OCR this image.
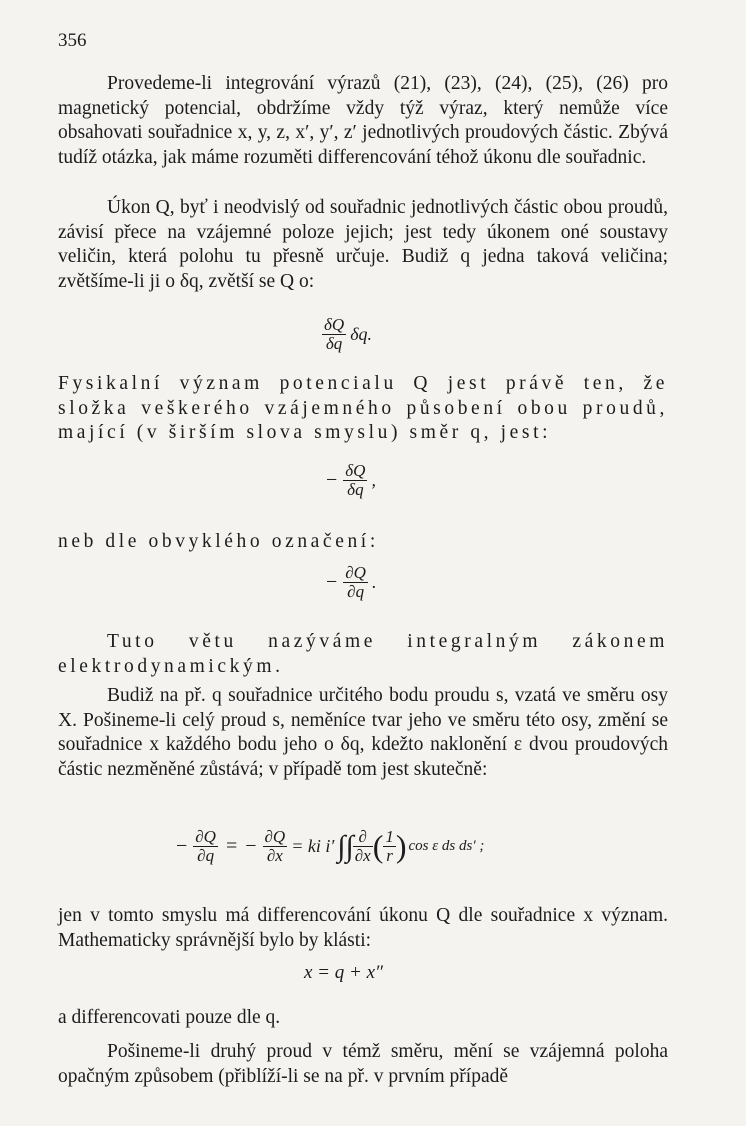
356
Provedeme-li integrování výrazů (21), (23), (24), (25), (26) pro magnetický potencial, obdržíme vždy týž výraz, který nemůže více obsahovati souřadnice x, y, z, x′, y′, z′ jednotlivých proudových částic. Zbývá tudíž otázka, jak máme rozuměti differencování téhož úkonu dle souřadnic.
Úkon Q, byť i neodvislý od souřadnic jednotlivých částic obou proudů, závisí přece na vzájemné poloze jejich; jest tedy úkonem oné soustavy veličin, která polohu tu přesně určuje. Budiž q jedna taková veličina; zvětšíme-li ji o δq, zvětší se Q o:
$\frac{\delta Q}{\delta q} \delta q$.
Fysikalní význam potencialu Q jest právě ten, že složka veškerého vzájemného působení obou proudů, mající (v širším slova smyslu) směr q, jest:
− $\frac{\delta Q}{\delta q}$ ,
neb dle obvyklého označení:
− $\frac{\partial Q}{\partial q}$ .
Tuto větu nazýváme integralným zákonem elektrodynamickým.
Budiž na př. q souřadnice určitého bodu proudu s, vzatá ve směru osy X. Pošineme-li celý proud s, neměníce tvar jeho ve směru této osy, změní se souřadnice x každého bodu jeho o δq, kdežto naklonění ε dvou proudových částic nezměněné zůstává; v případě tom jest skutečně:
− $\frac{\partial Q}{\partial q}$ = − $\frac{\partial Q}{\partial x}$ = ki i′ ∫∫ $\frac{\partial}{\partial x}$ ( $\frac{1}{r}$ ) cos ε ds ds′ ;
jen v tomto smyslu má differencování úkonu Q dle souřadnice x význam. Mathematicky správnější bylo by klásti:
x = q + x″
a differencovati pouze dle q.
Pošineme-li druhý proud v témž směru, mění se vzájemná poloha opačným způsobem (přiblíží-li se na př. v prvním případě
